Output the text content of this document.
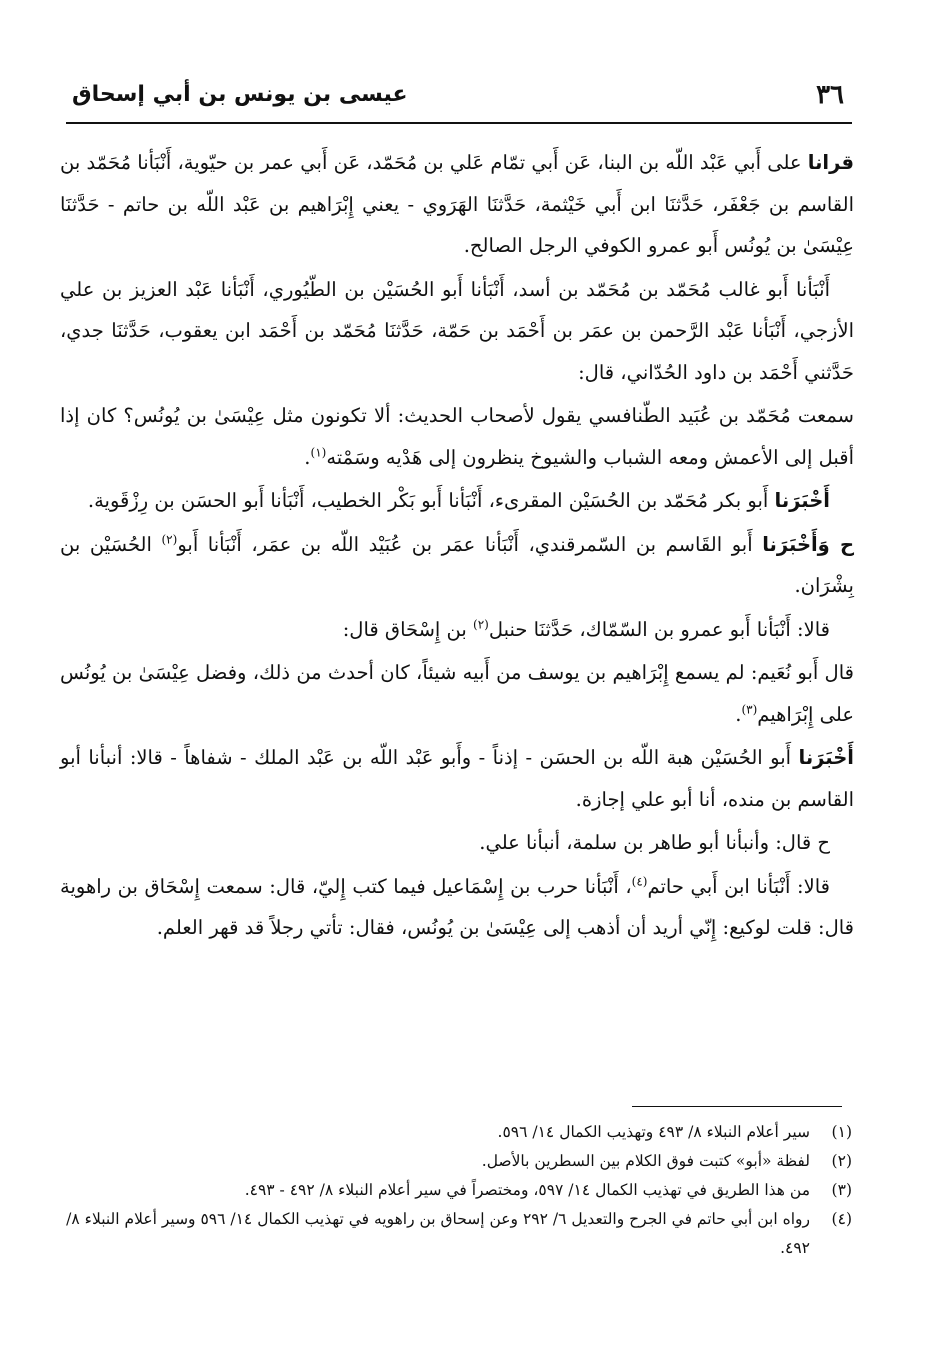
٣٦
عيسى بن يونس بن أبي إسحاق

قرانا على أَبي عَبْد اللّه بن البنا، عَن أَبي تمّام عَلي بن مُحَمّد، عَن أَبي عمر بن حيّوية، أَنْبَأنا مُحَمّد بن القاسم بن جَعْفَر، حَدَّثنَا ابن أَبي خَيْثمة، حَدَّثنَا الهَرَوي - يعني إِبْرَاهيم بن عَبْد اللّه بن حاتم - حَدَّثنَا عِيْسَىٰ بن يُونُس أَبو عمرو الكوفي الرجل الصالح.

أَنْبَأنا أَبو غالب مُحَمّد بن مُحَمّد بن أسد، أَنْبَأنا أَبو الحُسَيْن بن الطّيُوري، أَنْبَأنا عَبْد العزيز بن علي الأزجي، أَنْبَأنا عَبْد الرَّحمن بن عمَر بن أَحْمَد بن حَمّة، حَدَّثنَا مُحَمّد بن أَحْمَد ابن يعقوب، حَدَّثنَا جدي، حَدَّثني أَحْمَد بن داود الحُدّاني، قال:

سمعت مُحَمّد بن عُبَيد الطّنافسي يقول لأصحاب الحديث: ألا تكونون مثل عِيْسَىٰ بن يُونُس؟ كان إذا أقبل إلى الأعمش ومعه الشباب والشيوخ ينظرون إلى هَدْيه وسَمْته$^{(١)}$.

أَخْبَرَنا أَبو بكر مُحَمّد بن الحُسَيْن المقرىء، أَنْبَأنا أَبو بَكْر الخطيب، أَنْبَأنا أَبو الحسَن بن رِزْقَوية.

ح وَأَخْبَرَنا أَبو القَاسم بن السّمرقندي، أَنْبَأنا عمَر بن عُبَيْد اللّه بن عمَر، أَنْبَأنا أَبو$^{(٢)}$ الحُسَيْن بن بِشْرَان.

قالا: أَنْبَأنا أَبو عمرو بن السّمّاك، حَدَّثنَا حنبل$^{(٢)}$ بن إِسْحَاق قال:

قال أَبو نُعَيم: لم يسمع إِبْرَاهيم بن يوسف من أَبيه شيئاً، كان أحدث من ذلك، وفضل عِيْسَىٰ بن يُونُس على إِبْرَاهيم$^{(٣)}$.

أَخْبَرَنا أَبو الحُسَيْن هبة اللّه بن الحسَن - إذناً - وأَبو عَبْد اللّه بن عَبْد الملك - شفاهاً - قالا: أنبأنا أبو القاسم بن منده، أنا أبو علي إجازة.

ح قال: وأنبأنا أبو طاهر بن سلمة، أنبأنا علي.

قالا: أَنْبَأنا ابن أَبي حاتم$^{(٤)}$، أَنْبَأنا حرب بن إِسْمَاعيل فيما كتب إِليّ، قال: سمعت إِسْحَاق بن راهوية قال: قلت لوكيع: إِنّي أريد أن أذهب إلى عِيْسَىٰ بن يُونُس، فقال: تأتي رجلاً قد قهر العلم.

(١)
سير أعلام النبلاء ٨/ ٤٩٣ وتهذيب الكمال ١٤/ ٥٩٦.
(٢)
لفظة «أبو» كتبت فوق الكلام بين السطرين بالأصل.
(٣)
من هذا الطريق في تهذيب الكمال ١٤/ ٥٩٧، ومختصراً في سير أعلام النبلاء ٨/ ٤٩٢ - ٤٩٣.
(٤)
رواه ابن أبي حاتم في الجرح والتعديل ٦/ ٢٩٢ وعن إسحاق بن راهويه في تهذيب الكمال ١٤/ ٥٩٦ وسير أعلام النبلاء ٨/ ٤٩٢.
